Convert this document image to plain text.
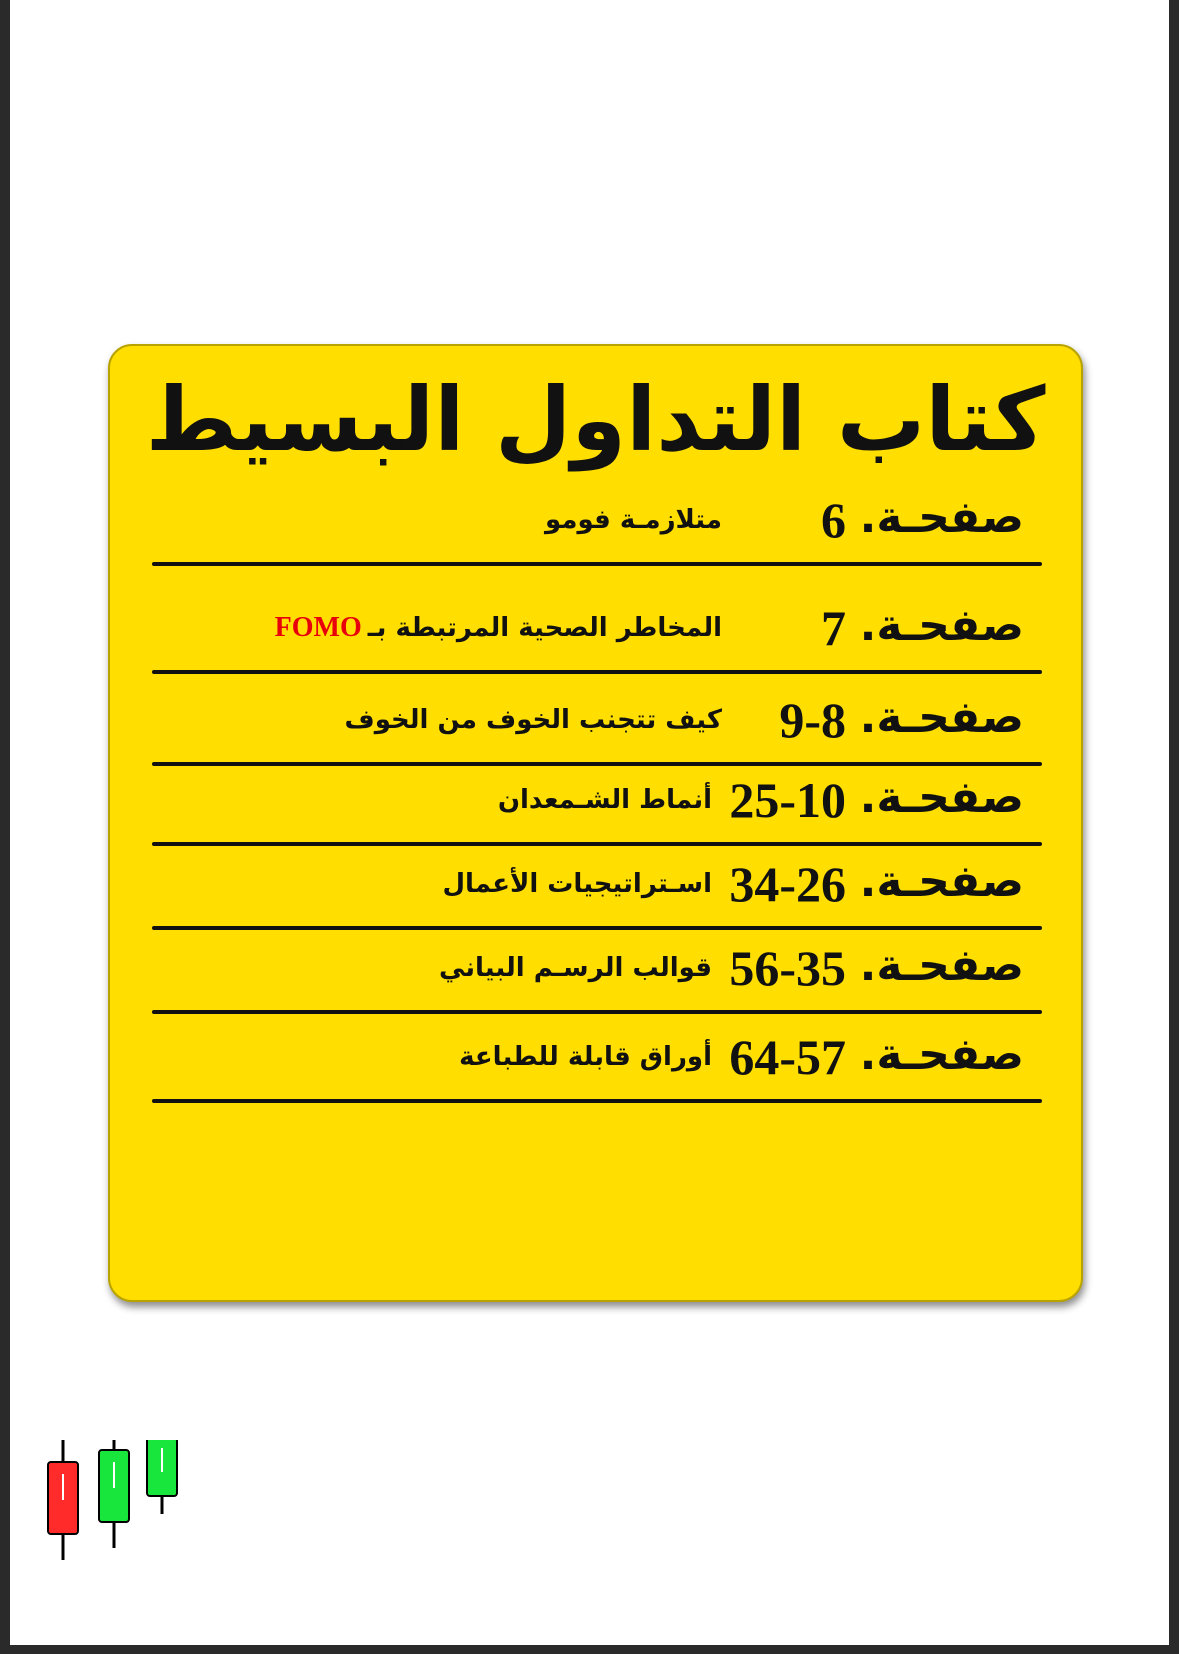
كتاب التداول البسيط
صفحـة.
6
متلازمـة فومو
صفحـة.
7
المخاطر الصحية المرتبطة بـFOMO
صفحـة.
9-8
كيف تتجنب الخوف من الخوف
صفحـة.
25-10
أنماط الشـمعدان
صفحـة.
34-26
اسـتراتيجيات الأعمال
صفحـة.
56-35
قوالب الرسـم البياني
صفحـة.
64-57
أوراق قابلة للطباعة
